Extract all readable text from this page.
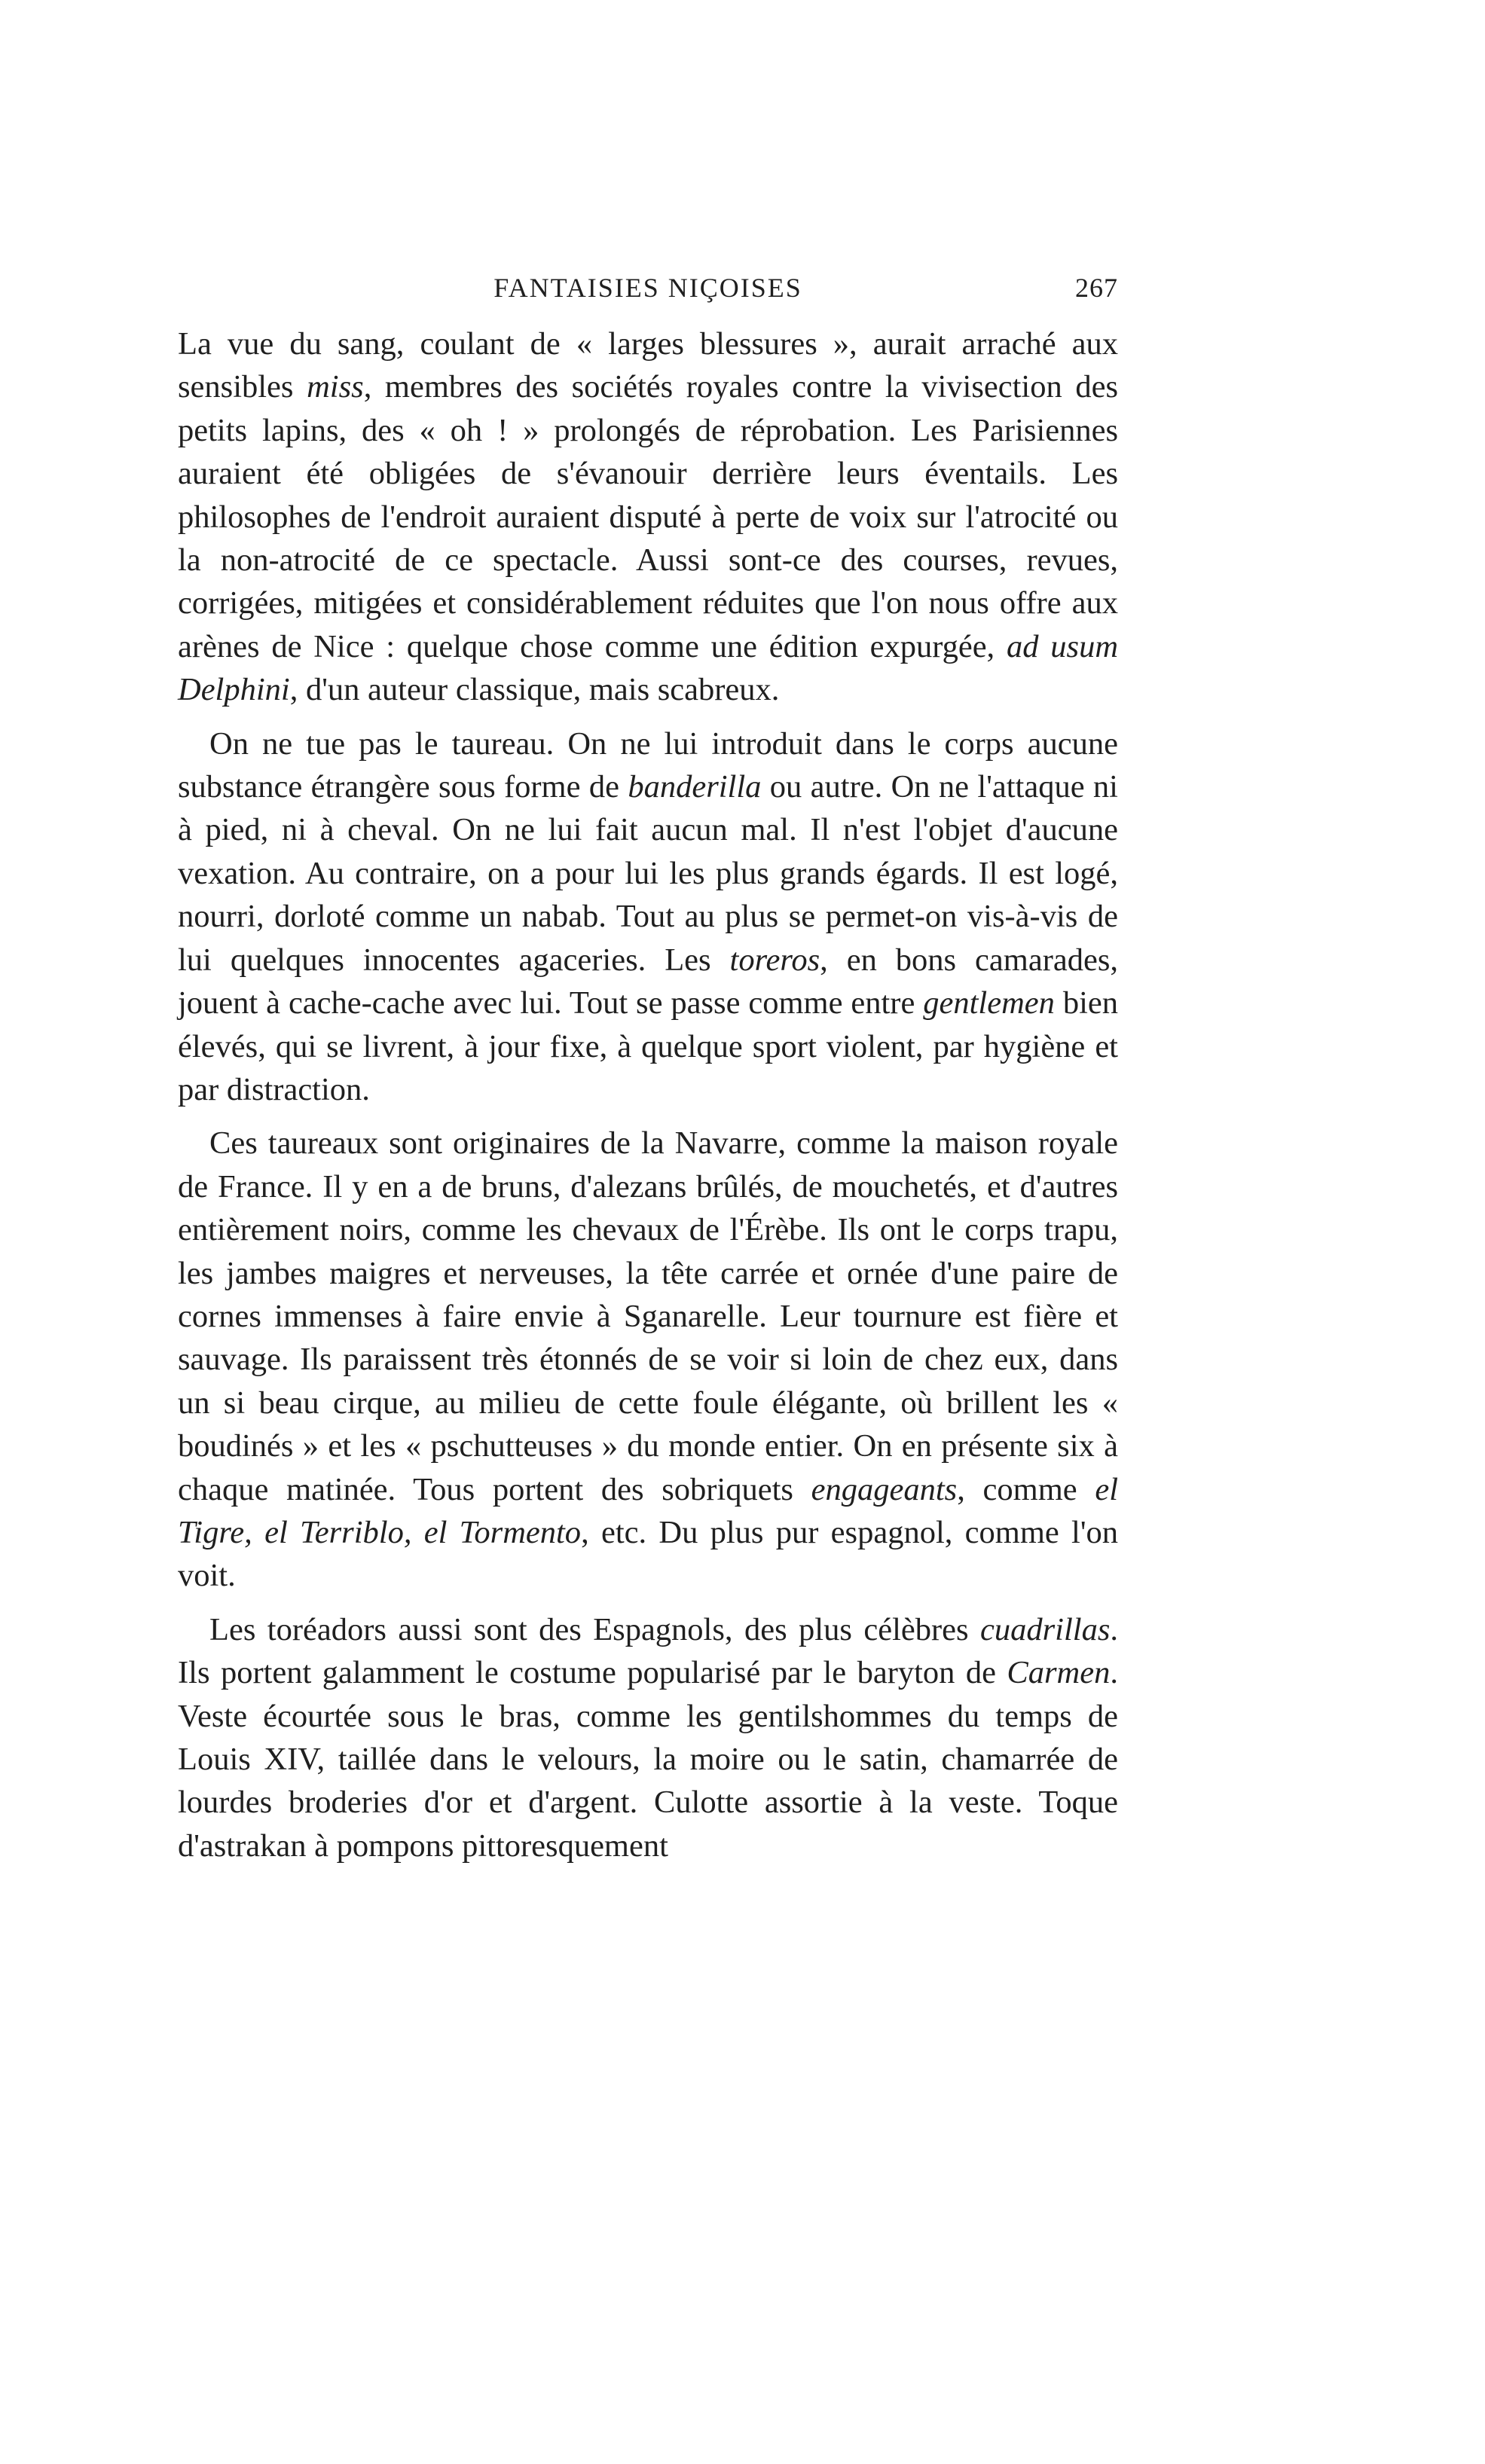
FANTAISIES NIÇOISES	267

La vue du sang, coulant de « larges blessures », aurait arraché aux sensibles miss, membres des sociétés royales contre la vivisection des petits lapins, des « oh ! » prolongés de réprobation. Les Parisiennes auraient été obligées de s'évanouir derrière leurs éventails. Les philosophes de l'endroit auraient disputé à perte de voix sur l'atrocité ou la non-atrocité de ce spectacle. Aussi sont-ce des courses, revues, corrigées, mitigées et considérablement réduites que l'on nous offre aux arènes de Nice : quelque chose comme une édition expurgée, ad usum Delphini, d'un auteur classique, mais scabreux.

On ne tue pas le taureau. On ne lui introduit dans le corps aucune substance étrangère sous forme de banderilla ou autre. On ne l'attaque ni à pied, ni à cheval. On ne lui fait aucun mal. Il n'est l'objet d'aucune vexation. Au contraire, on a pour lui les plus grands égards. Il est logé, nourri, dorloté comme un nabab. Tout au plus se permet-on vis-à-vis de lui quelques innocentes agaceries. Les toreros, en bons camarades, jouent à cache-cache avec lui. Tout se passe comme entre gentlemen bien élevés, qui se livrent, à jour fixe, à quelque sport violent, par hygiène et par distraction.

Ces taureaux sont originaires de la Navarre, comme la maison royale de France. Il y en a de bruns, d'alezans brûlés, de mouchetés, et d'autres entièrement noirs, comme les chevaux de l'Érèbe. Ils ont le corps trapu, les jambes maigres et nerveuses, la tête carrée et ornée d'une paire de cornes immenses à faire envie à Sganarelle. Leur tournure est fière et sauvage. Ils paraissent très étonnés de se voir si loin de chez eux, dans un si beau cirque, au milieu de cette foule élégante, où brillent les « boudinés » et les « pschutteuses » du monde entier. On en présente six à chaque matinée. Tous portent des sobriquets engageants, comme el Tigre, el Terriblo, el Tormento, etc. Du plus pur espagnol, comme l'on voit.

Les toréadors aussi sont des Espagnols, des plus célèbres cuadrillas. Ils portent galamment le costume popularisé par le baryton de Carmen. Veste écourtée sous le bras, comme les gentilshommes du temps de Louis XIV, taillée dans le velours, la moire ou le satin, chamarrée de lourdes broderies d'or et d'argent. Culotte assortie à la veste. Toque d'astrakan à pompons pittoresquement
